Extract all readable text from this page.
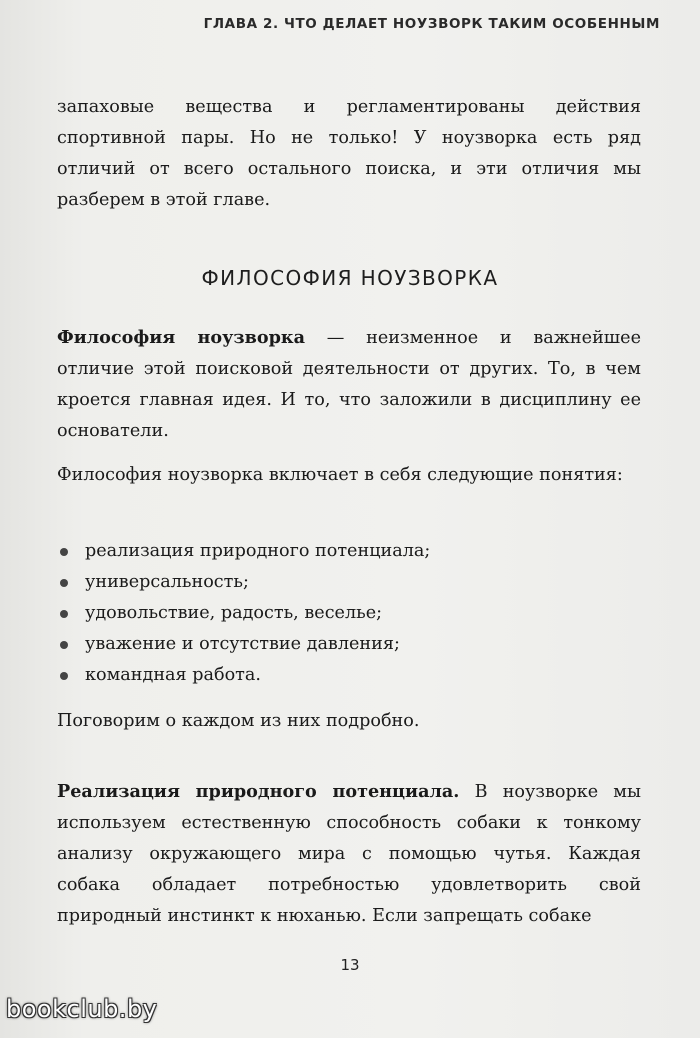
ГЛАВА 2. ЧТО ДЕЛАЕТ НОУЗВОРК ТАКИМ ОСОБЕННЫМ

запаховые вещества и регламентированы действия спортивной пары. Но не только! У ноузворка есть ряд отличий от всего остального поиска, и эти отличия мы разберем в этой главе.

ФИЛОСОФИЯ НОУЗВОРКА

Философия ноузворка — неизменное и важнейшее отличие этой поисковой деятельности от других. То, в чем кроется главная идея. И то, что заложили в дисциплину ее основатели.

Философия ноузворка включает в себя следующие понятия:

реализация природного потенциала;
универсальность;
удовольствие, радость, веселье;
уважение и отсутствие давления;
командная работа.

Поговорим о каждом из них подробно.

Реализация природного потенциала. В ноузворке мы используем естественную способность собаки к тонкому анализу окружающего мира с помощью чутья. Каждая собака обладает потребностью удовлетворить свой природный инстинкт к нюханью. Если запрещать собаке

13
bookclub.by
